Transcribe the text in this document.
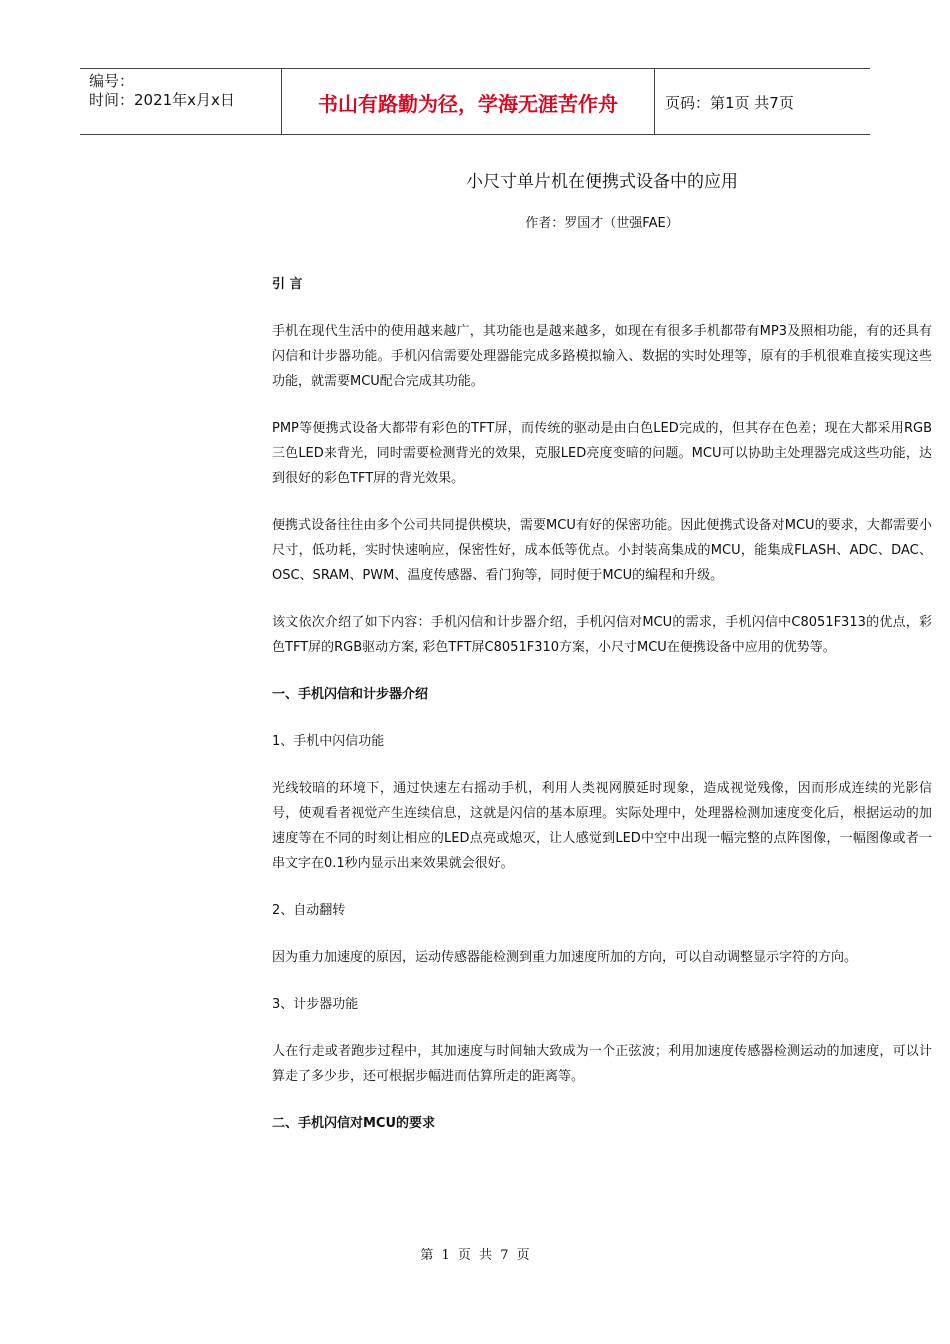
编号：
时间：2021年x月x日	书山有路勤为径，学海无涯苦作舟	页码：第1页 共7页
小尺寸单片机在便携式设备中的应用
作者：罗国才（世强FAE）

引 言

手机在现代生活中的使用越来越广，其功能也是越来越多，如现在有很多手机都带有MP3及照相功能，有的还具有闪信和计步器功能。手机闪信需要处理器能完成多路模拟输入、数据的实时处理等，原有的手机很难直接实现这些功能，就需要MCU配合完成其功能。

PMP等便携式设备大都带有彩色的TFT屏，而传统的驱动是由白色LED完成的，但其存在色差；现在大都采用RGB三色LED来背光，同时需要检测背光的效果，克服LED亮度变暗的问题。MCU可以协助主处理器完成这些功能，达到很好的彩色TFT屏的背光效果。

便携式设备往往由多个公司共同提供模块，需要MCU有好的保密功能。因此便携式设备对MCU的要求，大都需要小尺寸，低功耗，实时快速响应，保密性好，成本低等优点。小封装高集成的MCU，能集成FLASH、ADC、DAC、OSC、SRAM、PWM、温度传感器、看门狗等，同时便于MCU的编程和升级。

该文依次介绍了如下内容：手机闪信和计步器介绍，手机闪信对MCU的需求，手机闪信中C8051F313的优点，彩色TFT屏的RGB驱动方案, 彩色TFT屏C8051F310方案，小尺寸MCU在便携设备中应用的优势等。

一、手机闪信和计步器介绍

1、手机中闪信功能

光线较暗的环境下，通过快速左右摇动手机，利用人类视网膜延时现象，造成视觉残像，因而形成连续的光影信号，使观看者视觉产生连续信息，这就是闪信的基本原理。实际处理中，处理器检测加速度变化后，根据运动的加速度等在不同的时刻让相应的LED点亮或熄灭，让人感觉到LED中空中出现一幅完整的点阵图像，一幅图像或者一串文字在0.1秒内显示出来效果就会很好。

2、自动翻转

因为重力加速度的原因，运动传感器能检测到重力加速度所加的方向，可以自动调整显示字符的方向。

3、计步器功能

人在行走或者跑步过程中，其加速度与时间轴大致成为一个正弦波；利用加速度传感器检测运动的加速度，可以计算走了多少步，还可根据步幅进而估算所走的距离等。

二、手机闪信对MCU的要求

第 1 页 共 7 页
